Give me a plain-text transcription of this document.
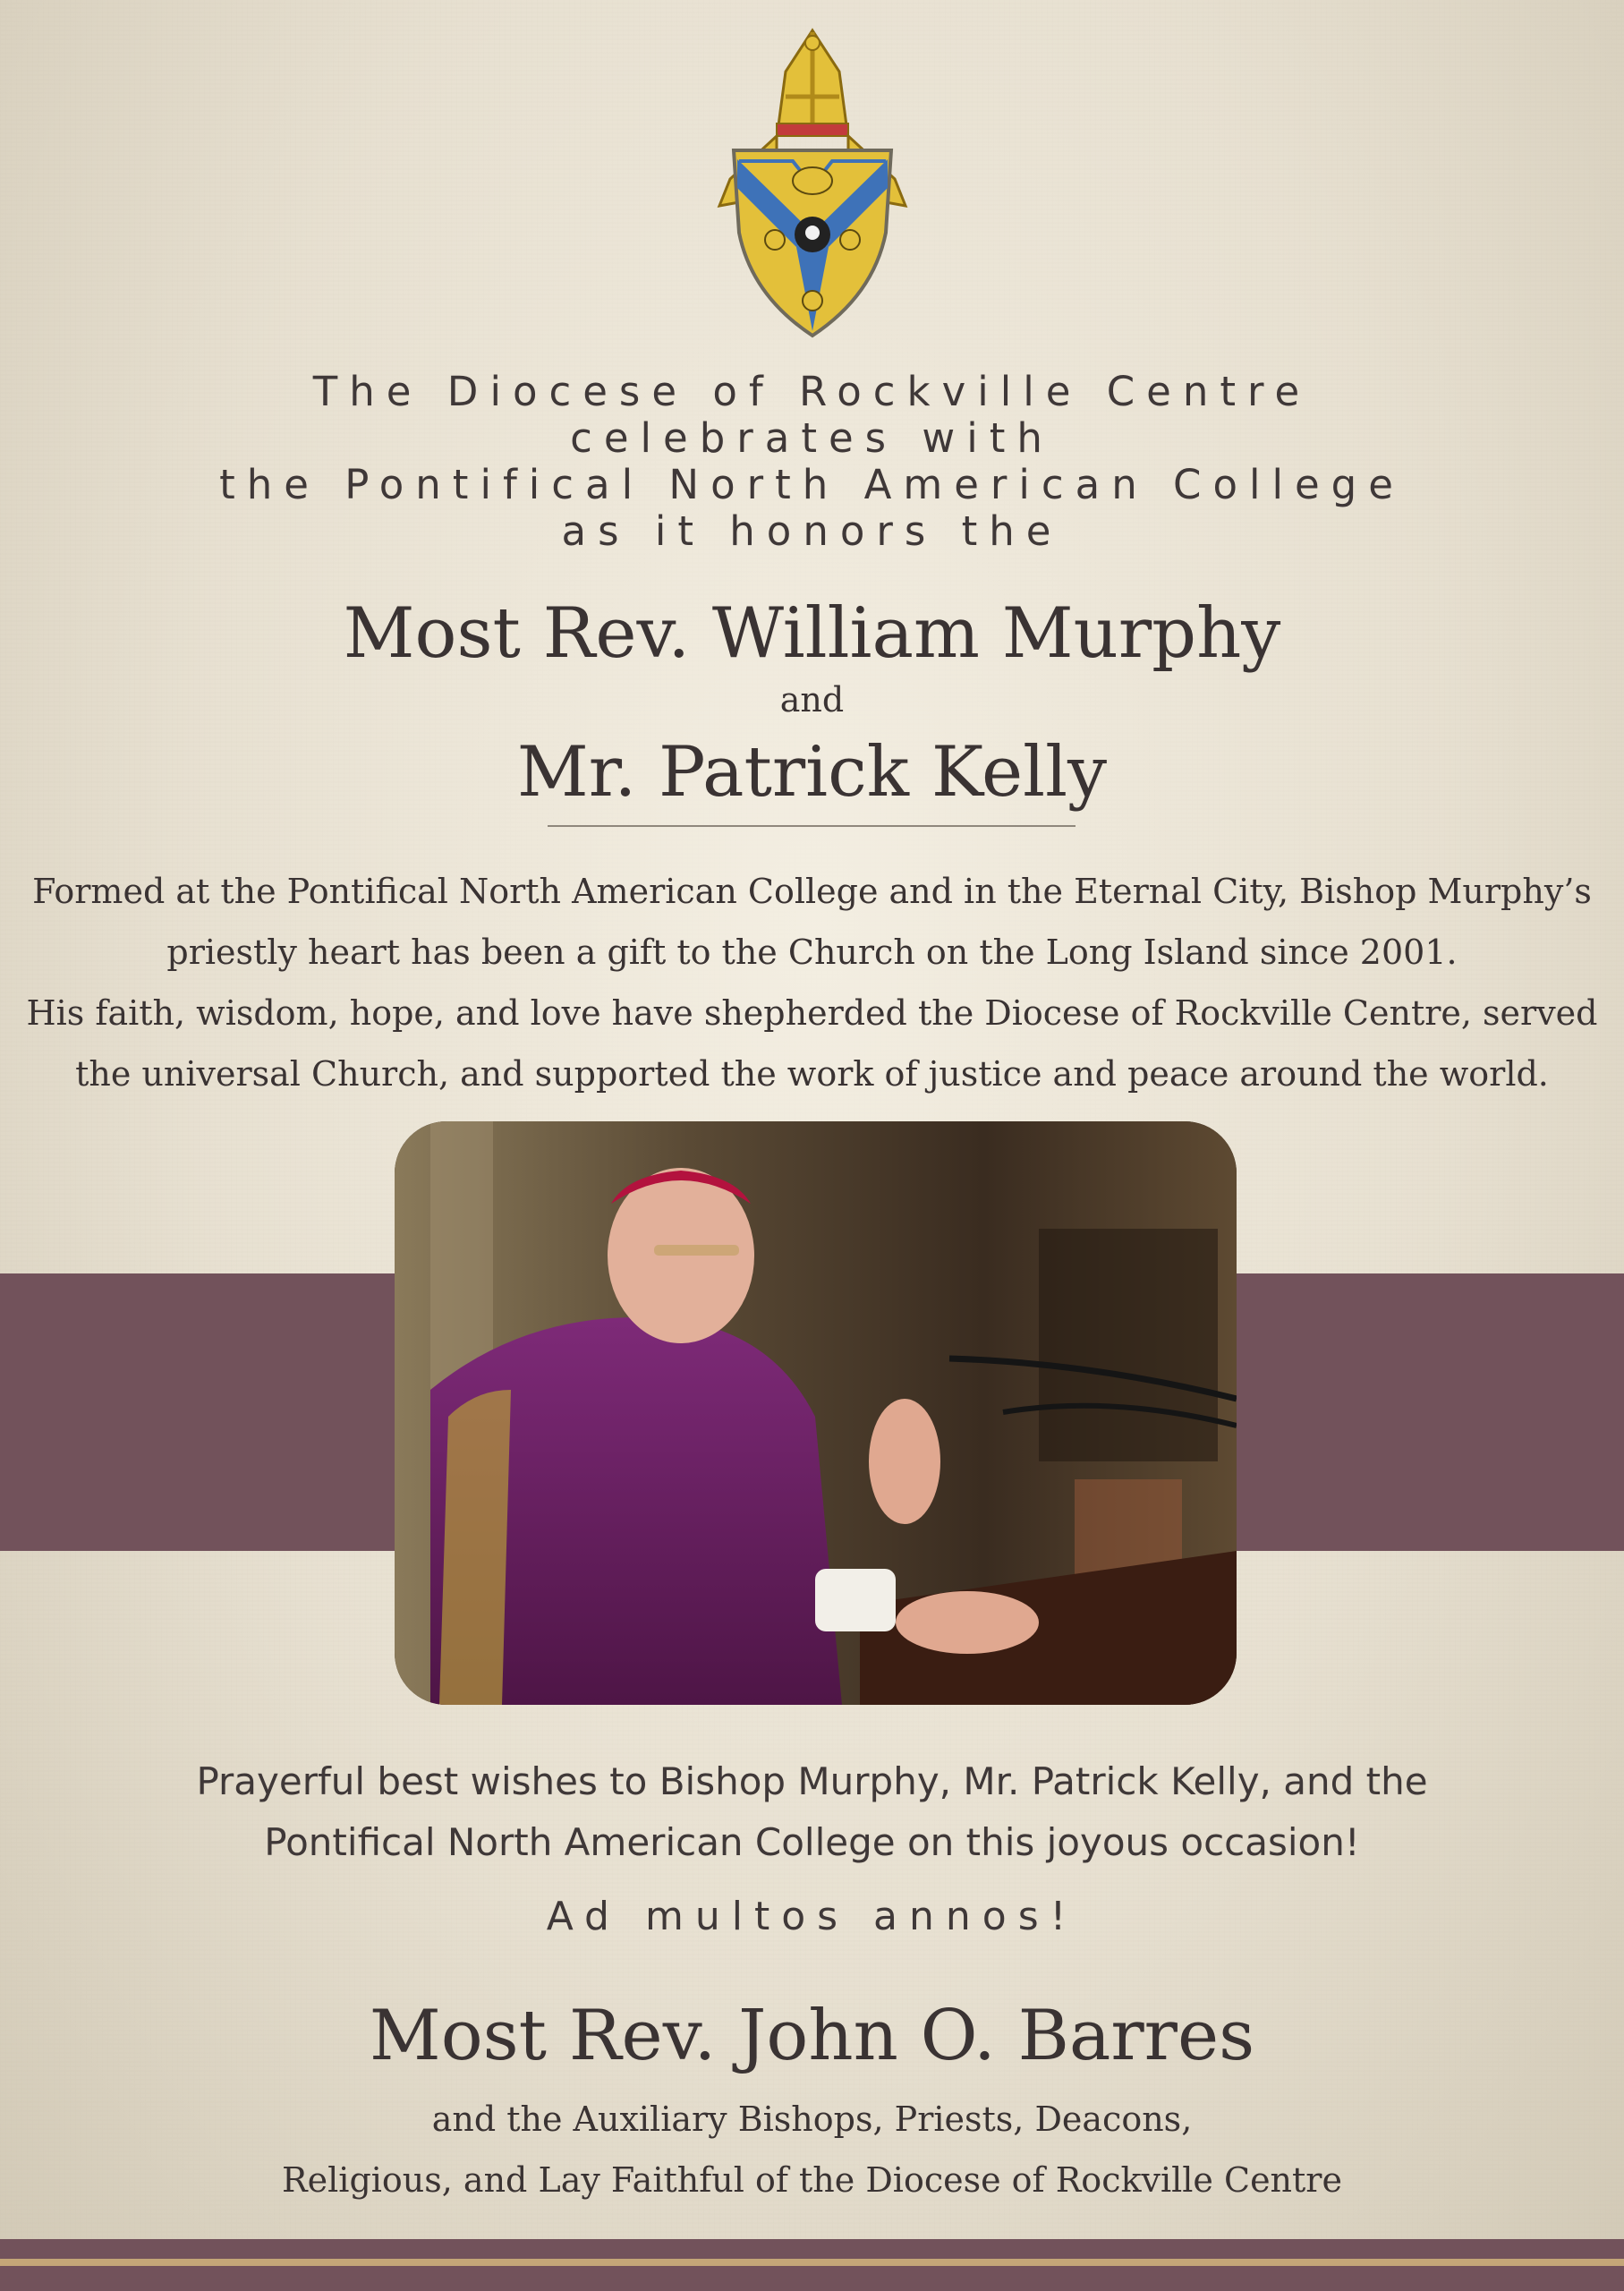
The Diocese of Rockville Centre
celebrates with
the Pontifical North American College
as it honors the
Most Rev. William Murphy
and
Mr. Patrick Kelly
Formed at the Pontifical North American College and in the Eternal City, Bishop Murphy’s
priestly heart has been a gift to the Church on the Long Island since 2001.
His faith, wisdom, hope, and love have shepherded the Diocese of Rockville Centre, served
the universal Church, and supported the work of justice and peace around the world.
Prayerful best wishes to Bishop Murphy, Mr. Patrick Kelly, and the
Pontifical North American College on this joyous occasion!
Ad multos annos!
Most Rev. John O. Barres
and the Auxiliary Bishops, Priests, Deacons,
Religious, and Lay Faithful of the Diocese of Rockville Centre
